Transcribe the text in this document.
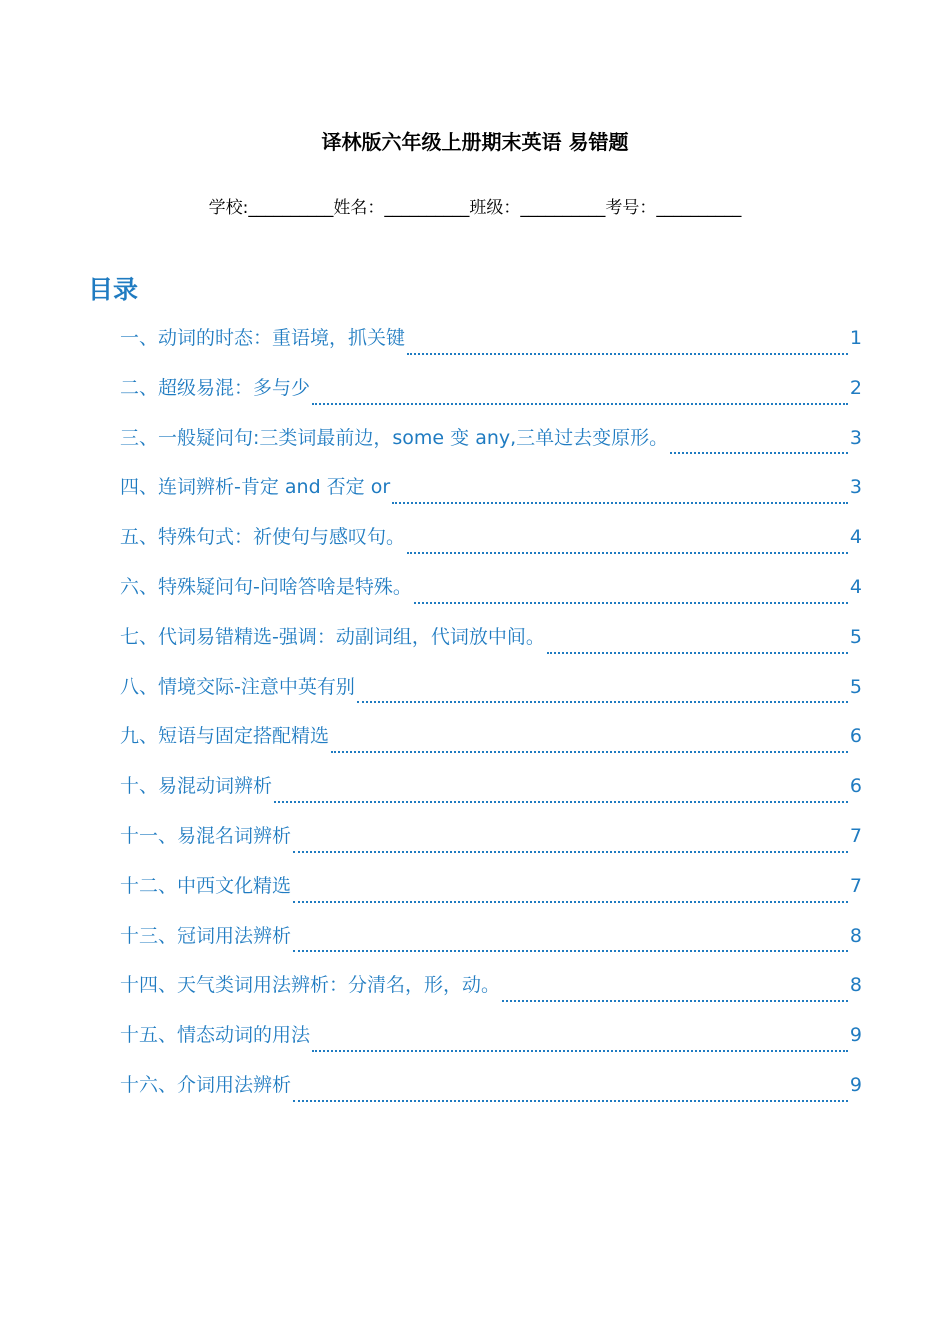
译林版六年级上册期末英语 易错题
学校:__________姓名：__________班级：__________考号：__________
目录
一、动词的时态：重语境，抓关键	1
二、超级易混：多与少	2
三、一般疑问句:三类词最前边，some 变 any,三单过去变原形。	3
四、连词辨析-肯定 and 否定 or	3
五、特殊句式：祈使句与感叹句。	4
六、特殊疑问句-问啥答啥是特殊。	4
七、代词易错精选-强调：动副词组，代词放中间。	5
八、情境交际-注意中英有别	5
九、短语与固定搭配精选	6
十、易混动词辨析	6
十一、易混名词辨析	7
十二、中西文化精选	7
十三、冠词用法辨析	8
十四、天气类词用法辨析：分清名，形，动。	8
十五、情态动词的用法	9
十六、介词用法辨析	9
